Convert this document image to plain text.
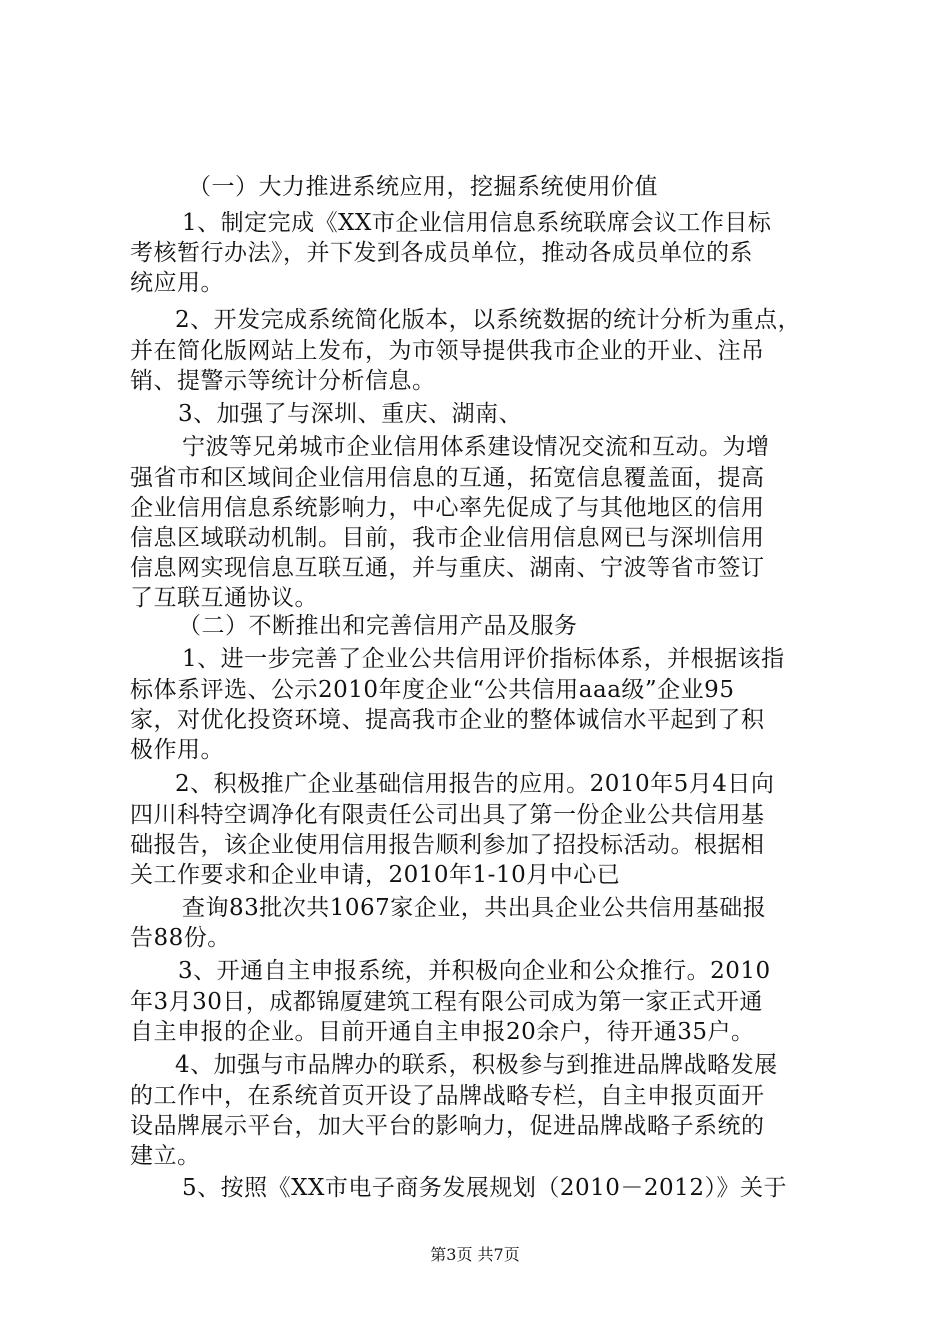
（一）大力推进系统应用，挖掘系统使用价值
1、制定完成《XX市企业信用信息系统联席会议工作目标
考核暂行办法》，并下发到各成员单位，推动各成员单位的系
统应用。
2、开发完成系统简化版本，以系统数据的统计分析为重点，
并在简化版网站上发布，为市领导提供我市企业的开业、注吊
销、提警示等统计分析信息。
3、加强了与深圳、重庆、湖南、
宁波等兄弟城市企业信用体系建设情况交流和互动。为增
强省市和区域间企业信用信息的互通，拓宽信息覆盖面，提高
企业信用信息系统影响力，中心率先促成了与其他地区的信用
信息区域联动机制。目前，我市企业信用信息网已与深圳信用
信息网实现信息互联互通，并与重庆、湖南、宁波等省市签订
了互联互通协议。
（二）不断推出和完善信用产品及服务
1、进一步完善了企业公共信用评价指标体系，并根据该指
标体系评选、公示2010年度企业“公共信用aaa级”企业95
家，对优化投资环境、提高我市企业的整体诚信水平起到了积
极作用。
2、积极推广企业基础信用报告的应用。2010年5月4日向
四川科特空调净化有限责任公司出具了第一份企业公共信用基
础报告，该企业使用信用报告顺利参加了招投标活动。根据相
关工作要求和企业申请，2010年1-10月中心已
查询83批次共1067家企业，共出具企业公共信用基础报
告88份。
3、开通自主申报系统，并积极向企业和公众推行。2010
年3月30日，成都锦厦建筑工程有限公司成为第一家正式开通
自主申报的企业。目前开通自主申报20余户，待开通35户。
4、加强与市品牌办的联系，积极参与到推进品牌战略发展
的工作中，在系统首页开设了品牌战略专栏，自主申报页面开
设品牌展示平台，加大平台的影响力，促进品牌战略子系统的
建立。
5、按照《XX市电子商务发展规划（2010－2012）》关于
第3页 共7页
